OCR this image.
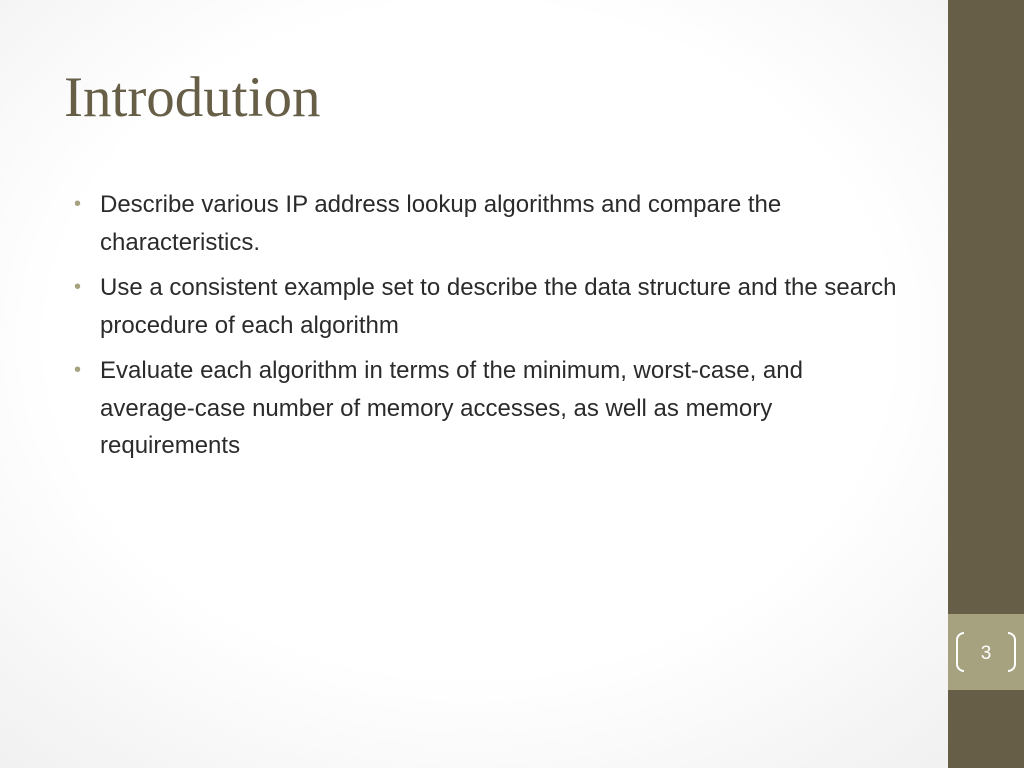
Introdution
• Describe various IP address lookup algorithms and compare the characteristics.
• Use a consistent example set to describe the data structure and the search procedure of each algorithm
• Evaluate each algorithm in terms of the minimum, worst-case, and average-case number of memory accesses, as well as memory requirements
3
